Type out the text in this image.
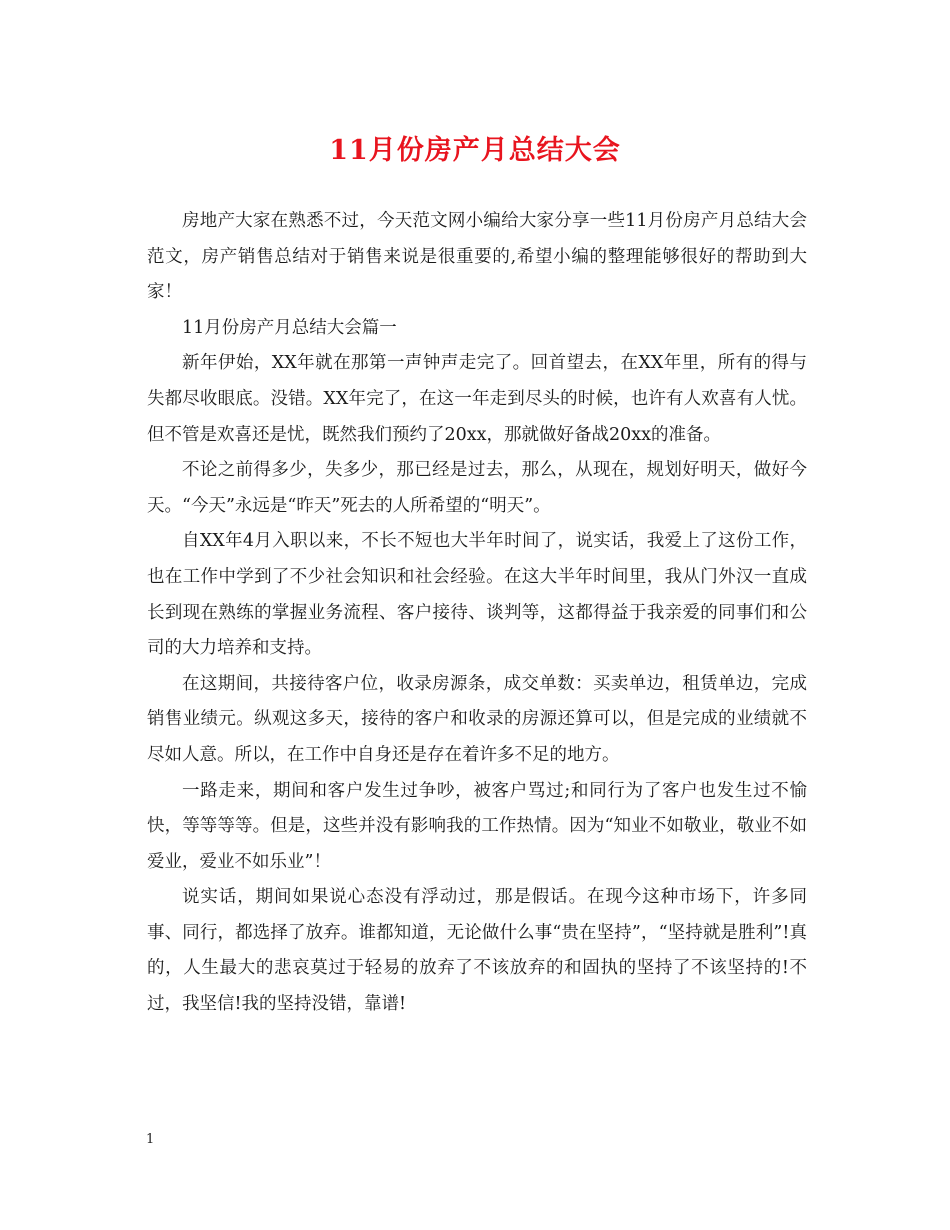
11月份房产月总结大会

房地产大家在熟悉不过，今天范文网小编给大家分享一些11月份房产月总结大会范文，房产销售总结对于销售来说是很重要的,希望小编的整理能够很好的帮助到大家！

11月份房产月总结大会篇一

新年伊始，XX年就在那第一声钟声走完了。回首望去，在XX年里，所有的得与失都尽收眼底。没错。XX年完了，在这一年走到尽头的时候，也许有人欢喜有人忧。但不管是欢喜还是忧，既然我们预约了20xx，那就做好备战20xx的准备。

不论之前得多少，失多少，那已经是过去，那么，从现在，规划好明天，做好今天。“今天”永远是“昨天”死去的人所希望的“明天”。

自XX年4月入职以来，不长不短也大半年时间了，说实话，我爱上了这份工作，也在工作中学到了不少社会知识和社会经验。在这大半年时间里，我从门外汉一直成长到现在熟练的掌握业务流程、客户接待、谈判等，这都得益于我亲爱的同事们和公司的大力培养和支持。

在这期间，共接待客户位，收录房源条，成交单数：买卖单边，租赁单边，完成销售业绩元。纵观这多天，接待的客户和收录的房源还算可以，但是完成的业绩就不尽如人意。所以，在工作中自身还是存在着许多不足的地方。

一路走来，期间和客户发生过争吵，被客户骂过;和同行为了客户也发生过不愉快，等等等等。但是，这些并没有影响我的工作热情。因为“知业不如敬业，敬业不如爱业，爱业不如乐业”！

说实话，期间如果说心态没有浮动过，那是假话。在现今这种市场下，许多同事、同行，都选择了放弃。谁都知道，无论做什么事“贵在坚持”，“坚持就是胜利”!真的，人生最大的悲哀莫过于轻易的放弃了不该放弃的和固执的坚持了不该坚持的!不过，我坚信!我的坚持没错，靠谱!

1
